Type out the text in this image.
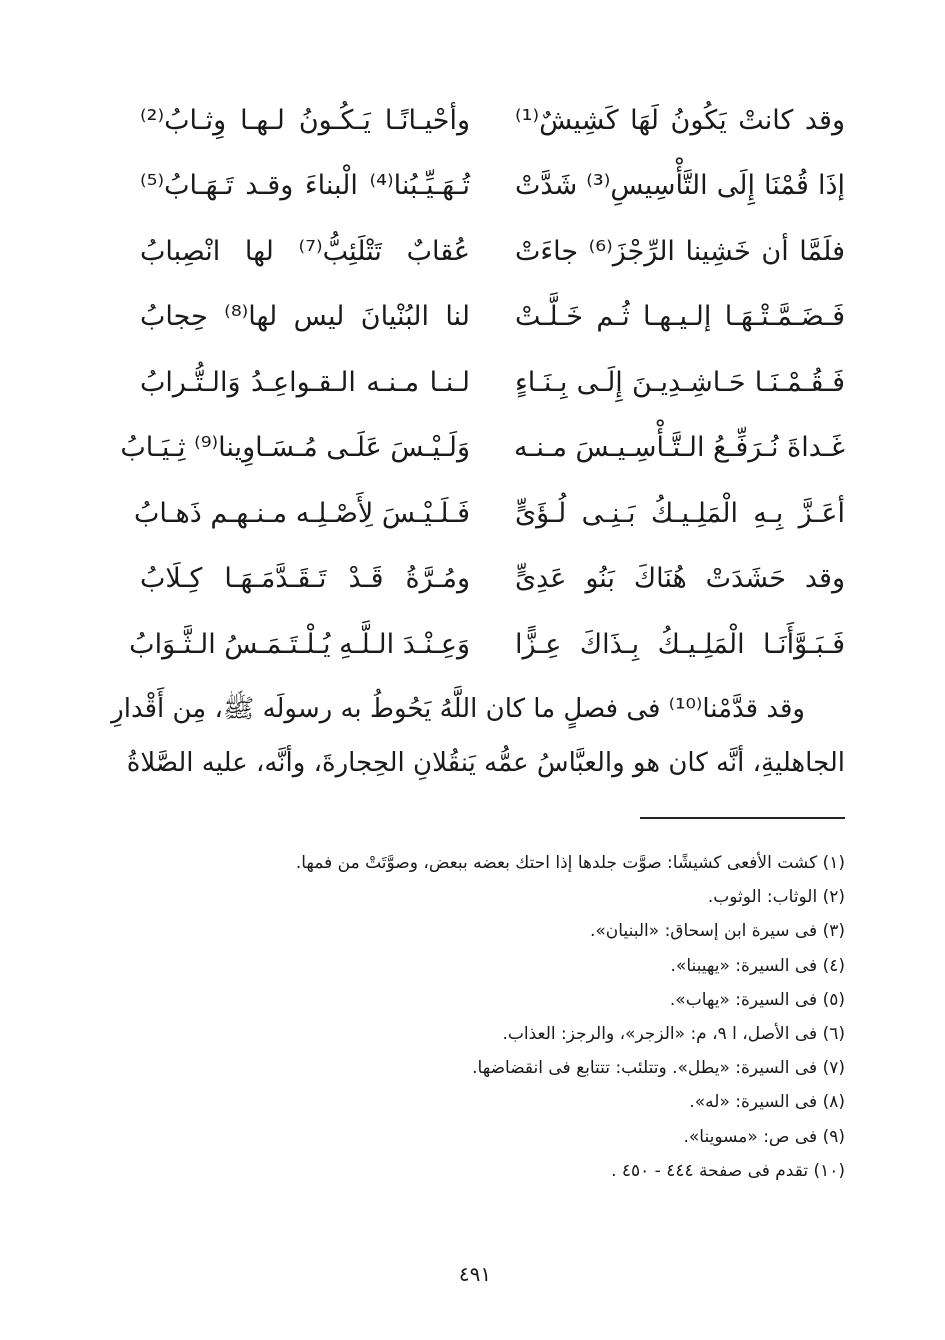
وقد كانتْ يَكُونُ لَهَا كَشِيشٌ⁽¹⁾
وأحْيـانًـا يَـكُـونُ لـهـا وِثـابُ⁽²⁾
إذَا قُمْنَا إِلَى التَّأْسِيسِ⁽³⁾ شَدَّتْ
تُـهَـيِّـبُنا⁽⁴⁾ الْبناءَ وقـد تَـهَـابُ⁽⁵⁾
فلَمَّا أن خَشِينا الرِّجْزَ⁽⁶⁾ جاءَتْ
عُقابٌ تَتْلَئِبُّ⁽⁷⁾ لها انْصِبابُ
فَـضَـمَّـتْـهَـا إلـيـهـا ثُـم خَـلَّـتْ
لنا البُنْيانَ ليس لها⁽⁸⁾ حِجابُ
فَـقُـمْـنَـا حَـاشِـدِيـنَ إِلَـى بِـنَـاءٍ
لـنـا مـنـه الـقـواعِـدُ وَالـتُّـرابُ
غَـداةَ نُـرَفِّـعُ الـتَّـأْسِـيـسَ مـنـه
وَلَـيْـسَ عَلَـى مُـسَـاوِينا⁽⁹⁾ ثِـيَـابُ
أعَـزَّ بِـهِ الْمَلِـيـكُ بَـنِـى لُـؤَىٍّ
فَـلَـيْـسَ لِأَصْـلِـه مـنـهـم ذَهـابُ
وقد حَشَدَتْ هُنَاكَ بَنُو عَدِىٍّ
ومُـرَّةُ قَـدْ تَـقَـدَّمَـهَـا كِـلَابُ
فَـبَـوَّأَنَـا الْمَلِـيـكُ بِـذَاكَ عِـزًّا
وَعِـنْـدَ الـلَّـهِ يُـلْـتَـمَـسُ الـثَّـوَابُ
وقد قدَّمْنا⁽¹⁰⁾ فى فصلٍ ما كان اللَّهُ يَحُوطُ به رسولَه ﷺ، مِن أَقْدارِ
الجاهليةِ، أنَّه كان هو والعبَّاسُ عمُّه يَنقُلانِ الحِجارةَ، وأنَّه، عليه الصَّلاةُ
(١) كشت الأفعى كشيشًا: صوَّت جلدها إذا احتك بعضه ببعض، وصوَّتَتْ من فمها.
(٢) الوثاب: الوثوب.
(٣) فى سيرة ابن إسحاق: «البنيان».
(٤) فى السيرة: «يهيبنا».
(٥) فى السيرة: «يهاب».
(٦) فى الأصل، ا ٩، م: «الزجر»، والرجز: العذاب.
(٧) فى السيرة: «يطل». وتتلئب: تتتابع فى انقضاضها.
(٨) فى السيرة: «له».
(٩) فى ص: «مسوينا».
(١٠) تقدم فى صفحة ٤٤٤ - ٤٥٠ .
٤٩١
